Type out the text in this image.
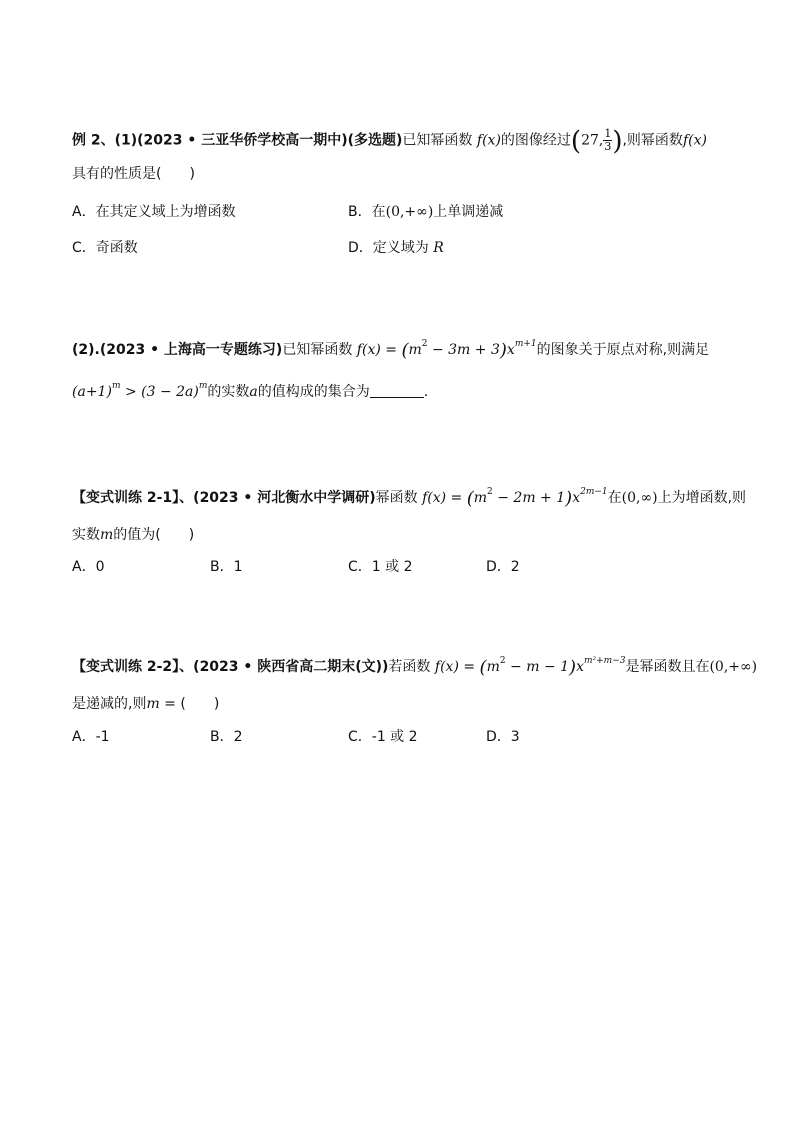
例 2、(1)(2023 • 三亚华侨学校高一期中)(多选题)已知幂函数 f(x)的图像经过(27, $\frac{1}{3}$ ),则幂函数f(x)
具有的性质是(　　)
A．在其定义域上为增函数	B．在(0,+∞)上单调递减
C．奇函数	D．定义域为 R
(2).(2023 • 上海高一专题练习)已知幂函数 $f(x) = (m^2 - 3m + 3)x^{m+1}$的图象关于原点对称,则满足
$(a+1)^m > (3 - 2a)^m$的实数a的值构成的集合为	.
【变式训练 2-1】、(2023 • 河北衡水中学调研)幂函数 $f(x) = (m^2 - 2m + 1)x^{2m-1}$在(0,∞)上为增函数,则
实数m的值为(　　)
A．0	B．1	C．1 或 2	D．2
【变式训练 2-2】、(2023 • 陕西省高二期末(文))若函数 $f(x) = (m^2 - m - 1)x^{m^2+m-3}$是幂函数且在(0,+∞)
是递减的,则m = (　　)
A．-1	B．2	C．-1 或 2	D．3
